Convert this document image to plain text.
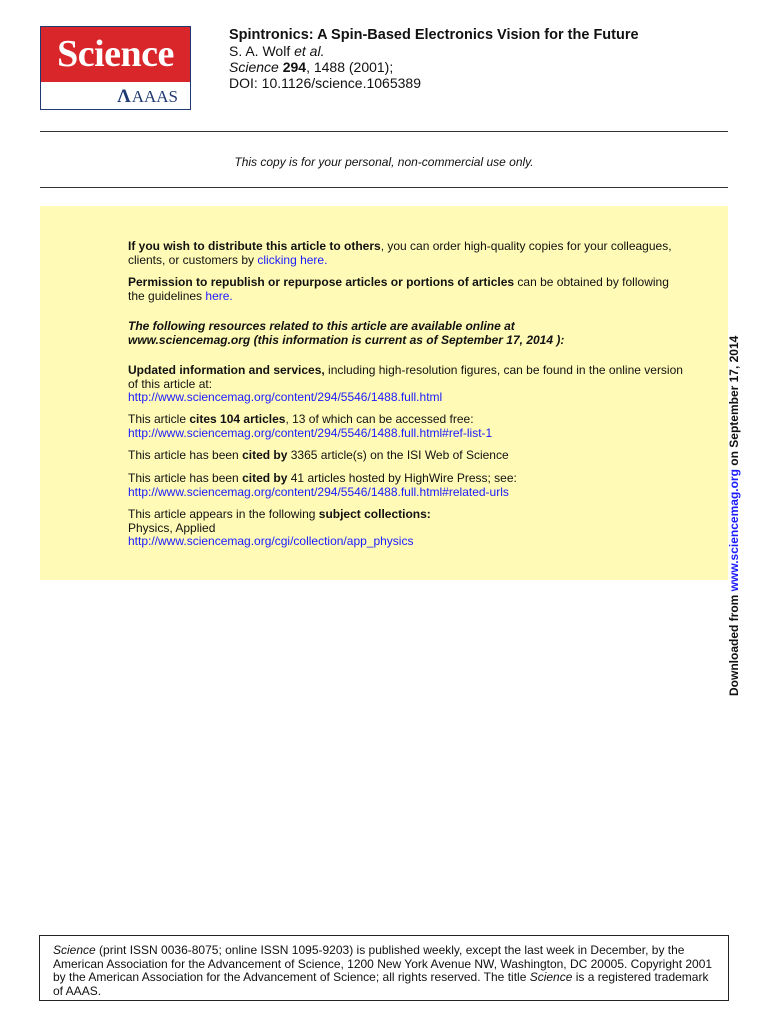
Science
Λ AAAS
Spintronics: A Spin-Based Electronics Vision for the Future
S. A. Wolf et al.
Science 294, 1488 (2001);
DOI: 10.1126/science.1065389
This copy is for your personal, non-commercial use only.
If you wish to distribute this article to others, you can order high-quality copies for your colleagues, clients, or customers by clicking here.
Permission to republish or repurpose articles or portions of articles can be obtained by following the guidelines here.
The following resources related to this article are available online at
www.sciencemag.org (this information is current as of September 17, 2014 ):
Updated information and services, including high-resolution figures, can be found in the online version of this article at:
http://www.sciencemag.org/content/294/5546/1488.full.html
This article cites 104 articles, 13 of which can be accessed free:
http://www.sciencemag.org/content/294/5546/1488.full.html#ref-list-1
This article has been cited by 3365 article(s) on the ISI Web of Science
This article has been cited by 41 articles hosted by HighWire Press; see:
http://www.sciencemag.org/content/294/5546/1488.full.html#related-urls
This article appears in the following subject collections:
Physics, Applied
http://www.sciencemag.org/cgi/collection/app_physics
Downloaded from www.sciencemag.org on September 17, 2014
Science (print ISSN 0036-8075; online ISSN 1095-9203) is published weekly, except the last week in December, by the American Association for the Advancement of Science, 1200 New York Avenue NW, Washington, DC 20005. Copyright 2001 by the American Association for the Advancement of Science; all rights reserved. The title Science is a registered trademark of AAAS.
